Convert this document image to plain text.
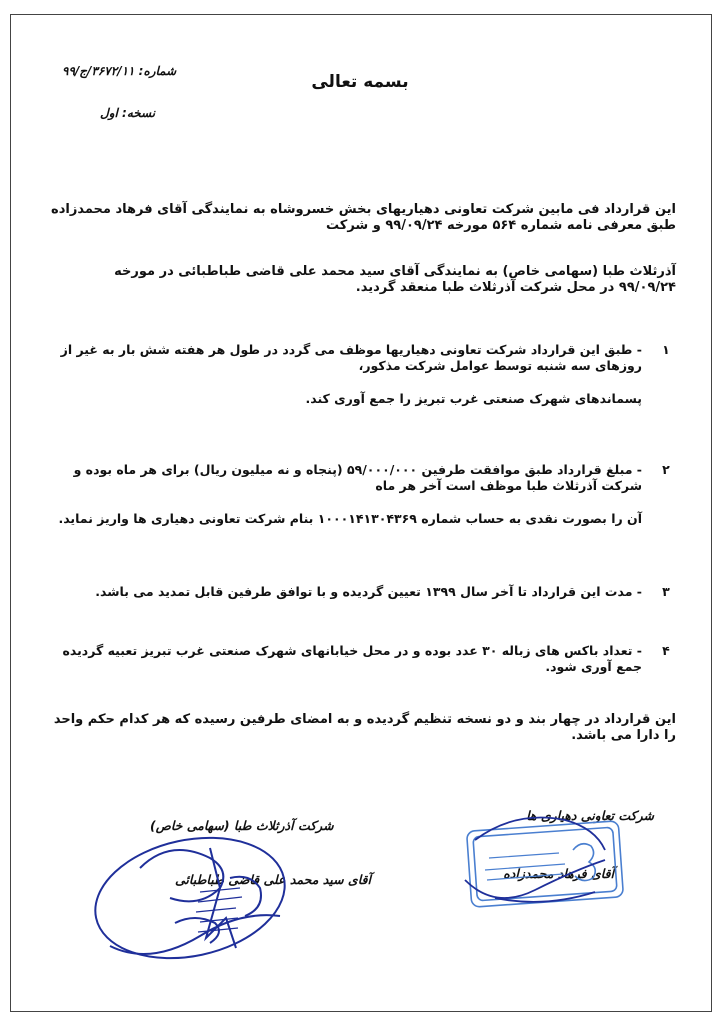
شماره: ۳۶۷۲/۱۱/ج/۹۹
نسخه: اول
بسمه تعالی
این قرارداد فی مابین شرکت تعاونی دهیاریهای بخش خسروشاه به نمایندگی آقای فرهاد محمدزاده طبق معرفی نامه شماره ۵۶۴ مورخه ۹۹/۰۹/۲۴ و شرکت
آذرثلاث طبا (سهامی خاص) به نمایندگی آقای سید محمد علی قاضی طباطبائی در مورخه ۹۹/۰۹/۲۴ در محل شرکت آذرثلاث طبا منعقد گردید.
۱
- طبق این قرارداد شرکت تعاونی دهیاریها موظف می گردد در طول هر هفته شش بار به غیر از روزهای سه شنبه توسط عوامل شرکت مذکور،
پسماندهای شهرک صنعتی غرب تبریز را جمع آوری کند.
۲
- مبلغ قرارداد طبق موافقت طرفین ۵۹/۰۰۰/۰۰۰ (پنجاه و نه میلیون ریال) برای هر ماه بوده و شرکت آذرثلاث طبا موظف است آخر هر ماه
آن را بصورت نقدی به حساب شماره ۱۰۰۰۱۴۱۳۰۴۳۶۹ بنام شرکت تعاونی دهیاری ها واریز نماید.
۳
- مدت این قرارداد تا آخر سال ۱۳۹۹ تعیین گردیده و با توافق طرفین قابل تمدید می باشد.
۴
- تعداد باکس های زباله ۳۰ عدد بوده و در محل خیابانهای شهرک صنعتی غرب تبریز تعبیه گردیده جمع آوری شود.
این قرارداد در چهار بند و دو نسخه تنظیم گردیده و به امضای طرفین رسیده که هر کدام حکم واحد را دارا می باشد.
شرکت تعاونی دهیاری ها
آقای فرهاد محمدزاده
شرکت آذرثلاث طبا (سهامی خاص)
آقای سید محمد علی قاضی طباطبائی
